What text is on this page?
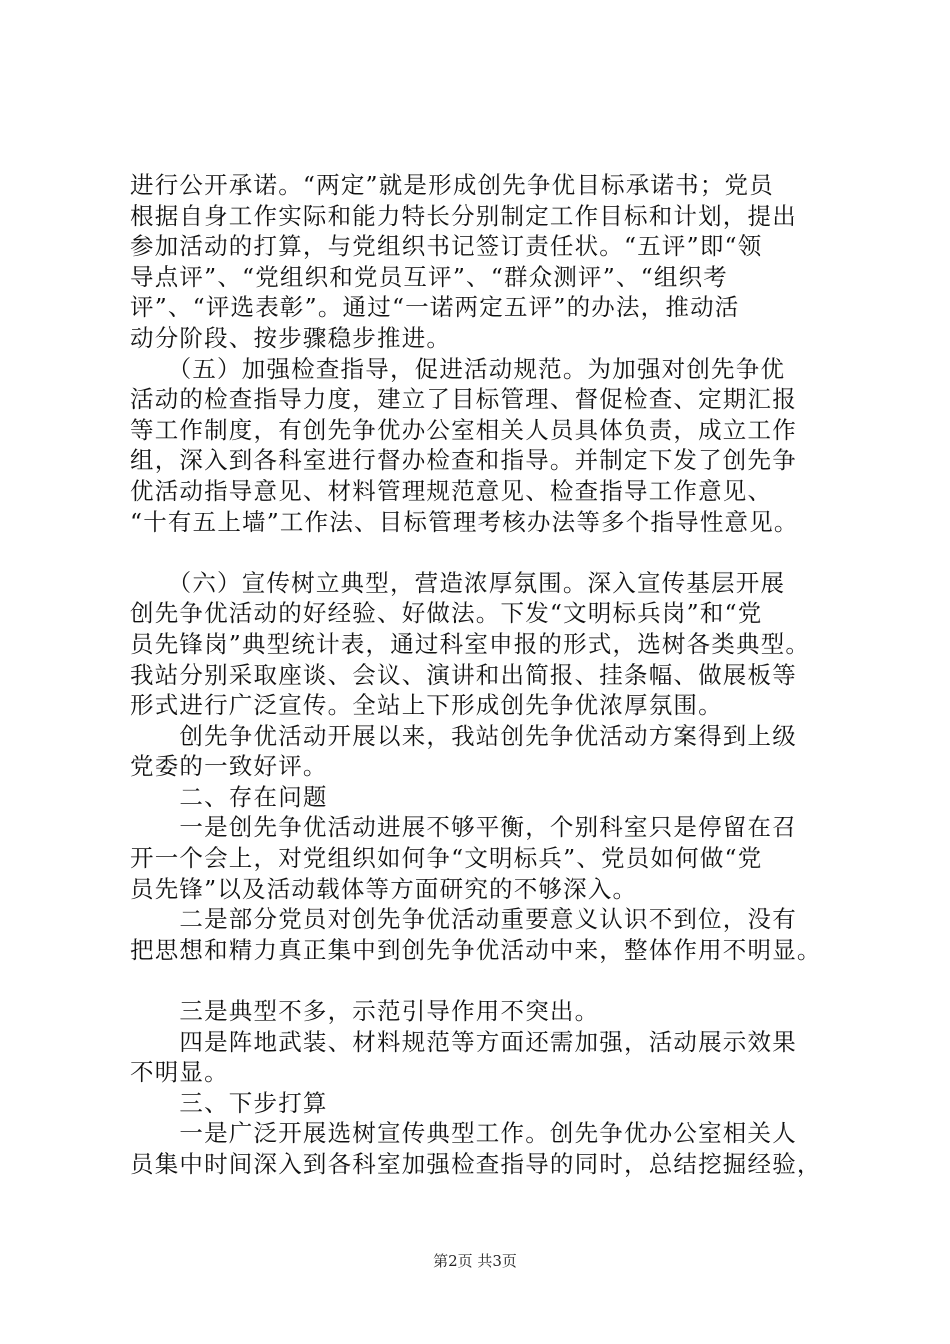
进行公开承诺。“两定”就是形成创先争优目标承诺书；党员
根据自身工作实际和能力特长分别制定工作目标和计划，提出
参加活动的打算，与党组织书记签订责任状。“五评”即“领
导点评”、“党组织和党员互评”、“群众测评”、“组织考
评”、“评选表彰”。通过“一诺两定五评”的办法，推动活
动分阶段、按步骤稳步推进。
　　（五）加强检查指导，促进活动规范。为加强对创先争优
活动的检查指导力度，建立了目标管理、督促检查、定期汇报
等工作制度，有创先争优办公室相关人员具体负责，成立工作
组，深入到各科室进行督办检查和指导。并制定下发了创先争
优活动指导意见、材料管理规范意见、检查指导工作意见、
“十有五上墙”工作法、目标管理考核办法等多个指导性意见。
　　（六）宣传树立典型，营造浓厚氛围。深入宣传基层开展
创先争优活动的好经验、好做法。下发“文明标兵岗”和“党
员先锋岗”典型统计表，通过科室申报的形式，选树各类典型。
我站分别采取座谈、会议、演讲和出简报、挂条幅、做展板等
形式进行广泛宣传。全站上下形成创先争优浓厚氛围。
　　创先争优活动开展以来，我站创先争优活动方案得到上级
党委的一致好评。
　　二、存在问题
　　一是创先争优活动进展不够平衡，个别科室只是停留在召
开一个会上，对党组织如何争“文明标兵”、党员如何做“党
员先锋”以及活动载体等方面研究的不够深入。
　　二是部分党员对创先争优活动重要意义认识不到位，没有
把思想和精力真正集中到创先争优活动中来，整体作用不明显。
　　三是典型不多，示范引导作用不突出。
　　四是阵地武装、材料规范等方面还需加强，活动展示效果
不明显。
　　三、下步打算
　　一是广泛开展选树宣传典型工作。创先争优办公室相关人
员集中时间深入到各科室加强检查指导的同时，总结挖掘经验，
第2页 共3页
